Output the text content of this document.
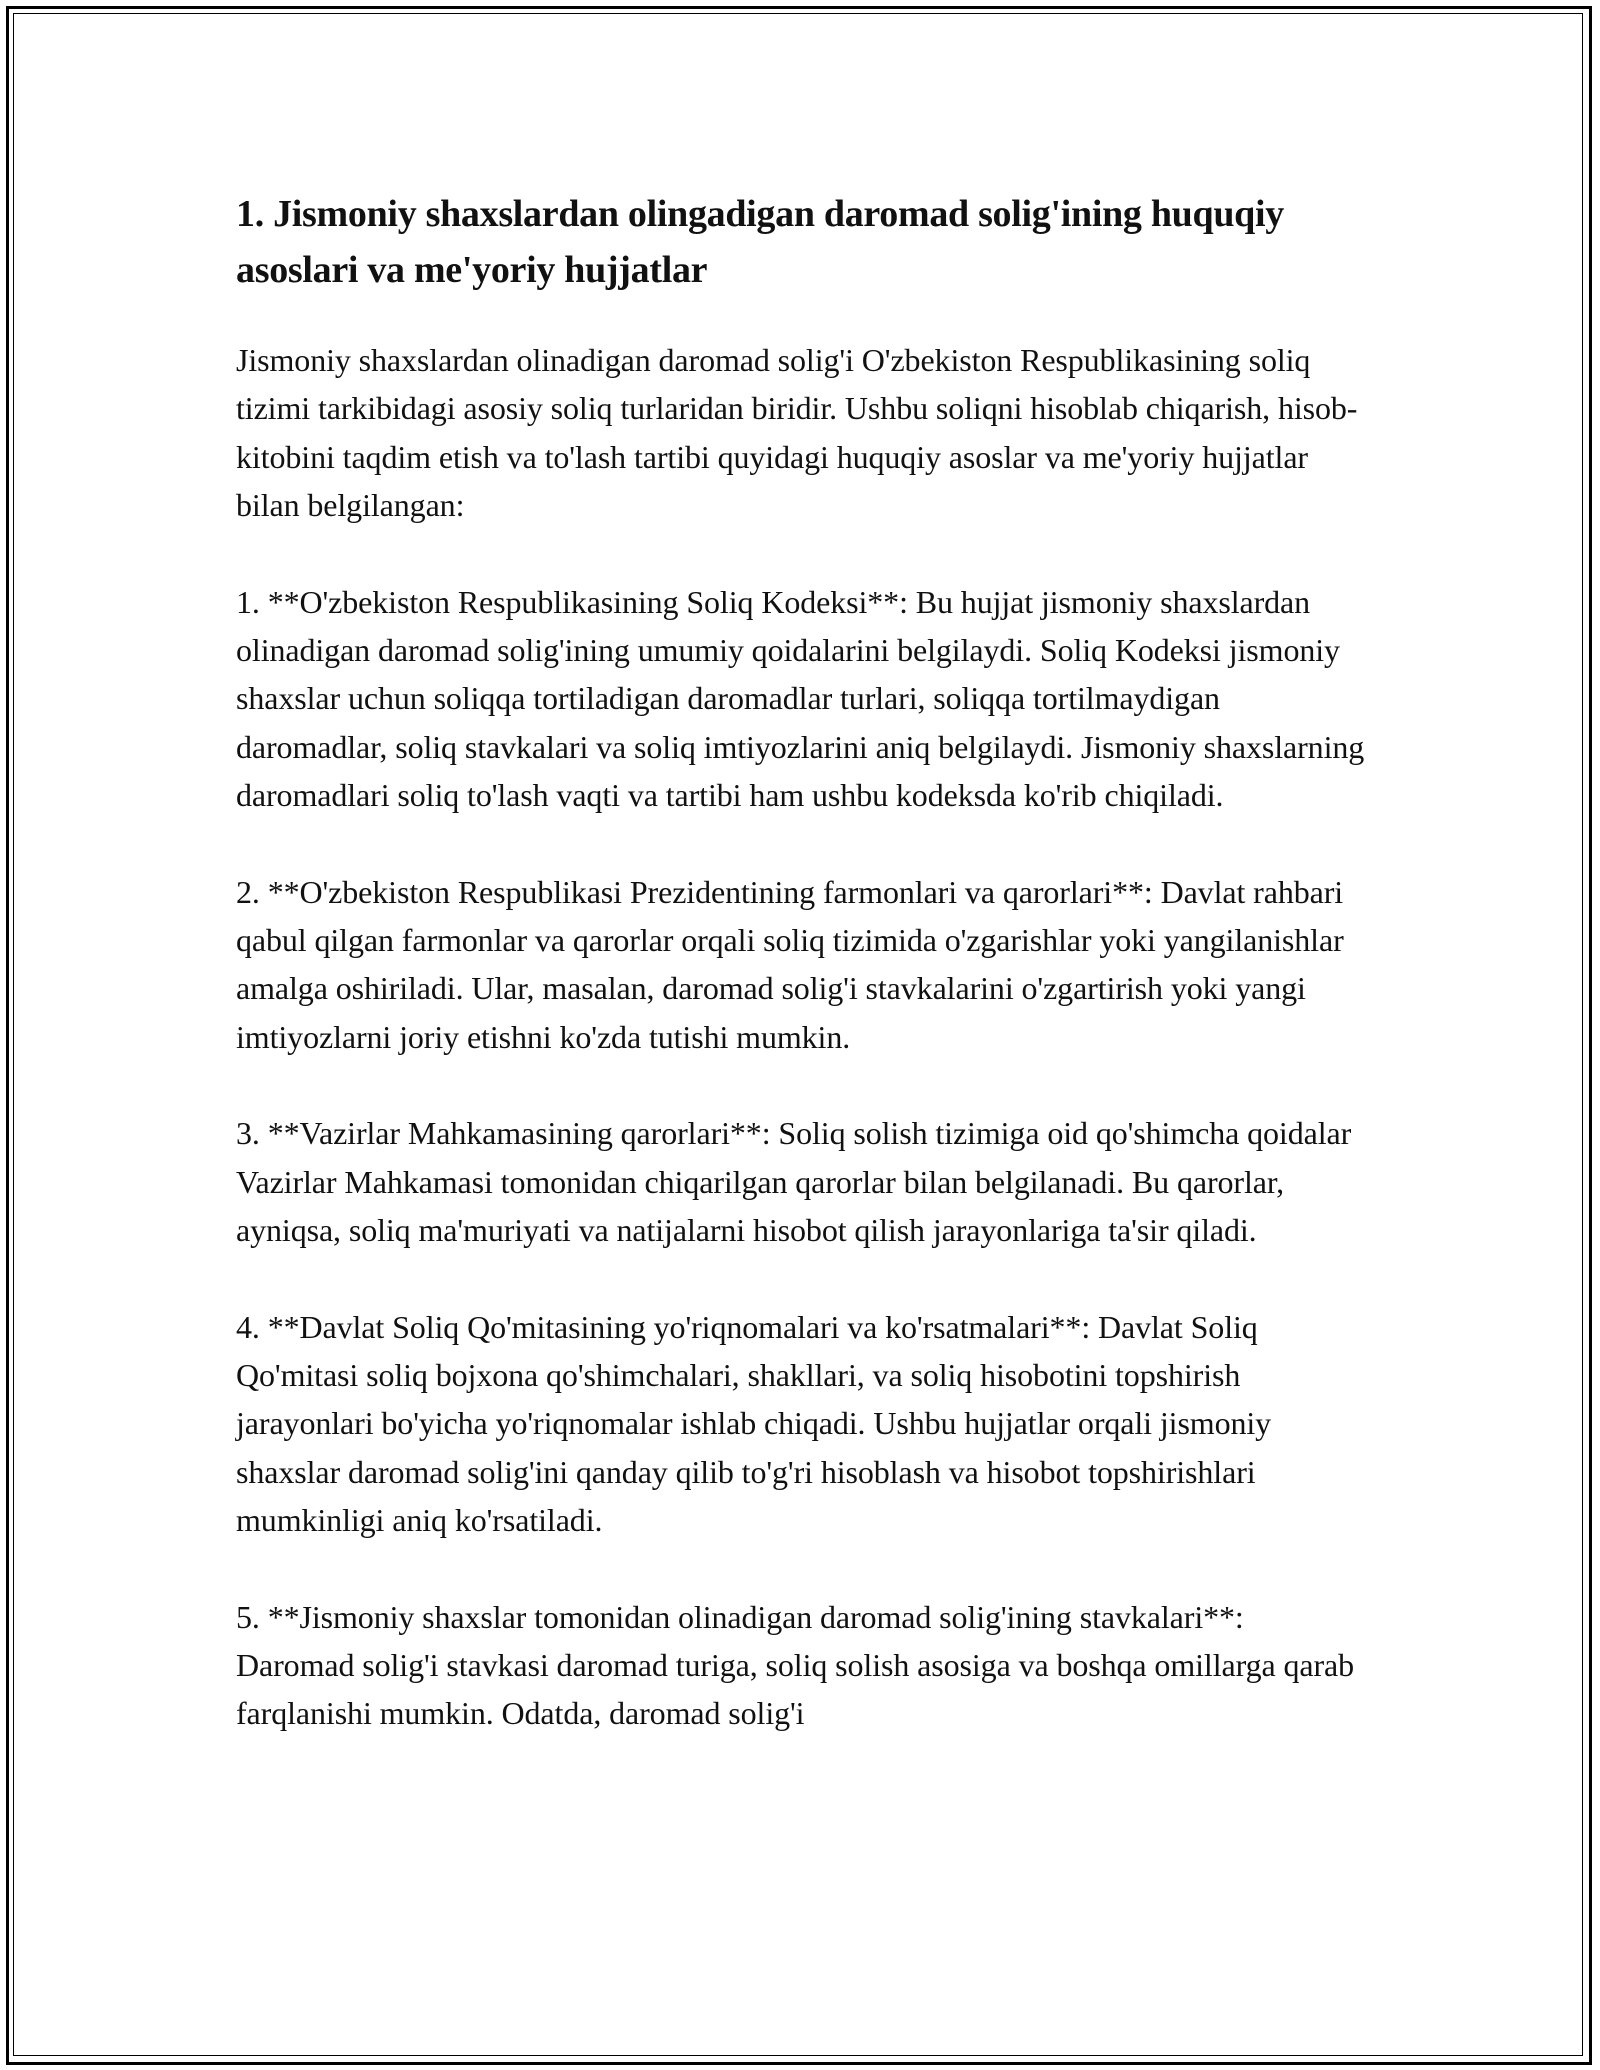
1. Jismoniy shaxslardan olingadigan daromad solig'ining huquqiy asoslari va me'yoriy hujjatlar

Jismoniy shaxslardan olinadigan daromad solig'i O'zbekiston Respublikasining soliq tizimi tarkibidagi asosiy soliq turlaridan biridir. Ushbu soliqni hisoblab chiqarish, hisob-kitobini taqdim etish va to'lash tartibi quyidagi huquqiy asoslar va me'yoriy hujjatlar bilan belgilangan:

1. **O'zbekiston Respublikasining Soliq Kodeksi**: Bu hujjat jismoniy shaxslardan olinadigan daromad solig'ining umumiy qoidalarini belgilaydi. Soliq Kodeksi jismoniy shaxslar uchun soliqqa tortiladigan daromadlar turlari, soliqqa tortilmaydigan daromadlar, soliq stavkalari va soliq imtiyozlarini aniq belgilaydi. Jismoniy shaxslarning daromadlari soliq to'lash vaqti va tartibi ham ushbu kodeksda ko'rib chiqiladi.

2. **O'zbekiston Respublikasi Prezidentining farmonlari va qarorlari**: Davlat rahbari qabul qilgan farmonlar va qarorlar orqali soliq tizimida o'zgarishlar yoki yangilanishlar amalga oshiriladi. Ular, masalan, daromad solig'i stavkalarini o'zgartirish yoki yangi imtiyozlarni joriy etishni ko'zda tutishi mumkin.

3. **Vazirlar Mahkamasining qarorlari**: Soliq solish tizimiga oid qo'shimcha qoidalar Vazirlar Mahkamasi tomonidan chiqarilgan qarorlar bilan belgilanadi. Bu qarorlar, ayniqsa, soliq ma'muriyati va natijalarni hisobot qilish jarayonlariga ta'sir qiladi.

4. **Davlat Soliq Qo'mitasining yo'riqnomalari va ko'rsatmalari**: Davlat Soliq Qo'mitasi soliq bojxona qo'shimchalari, shakllari, va soliq hisobotini topshirish jarayonlari bo'yicha yo'riqnomalar ishlab chiqadi. Ushbu hujjatlar orqali jismoniy shaxslar daromad solig'ini qanday qilib to'g'ri hisoblash va hisobot topshirishlari mumkinligi aniq ko'rsatiladi.

5. **Jismoniy shaxslar tomonidan olinadigan daromad solig'ining stavkalari**: Daromad solig'i stavkasi daromad turiga, soliq solish asosiga va boshqa omillarga qarab farqlanishi mumkin. Odatda, daromad solig'i
